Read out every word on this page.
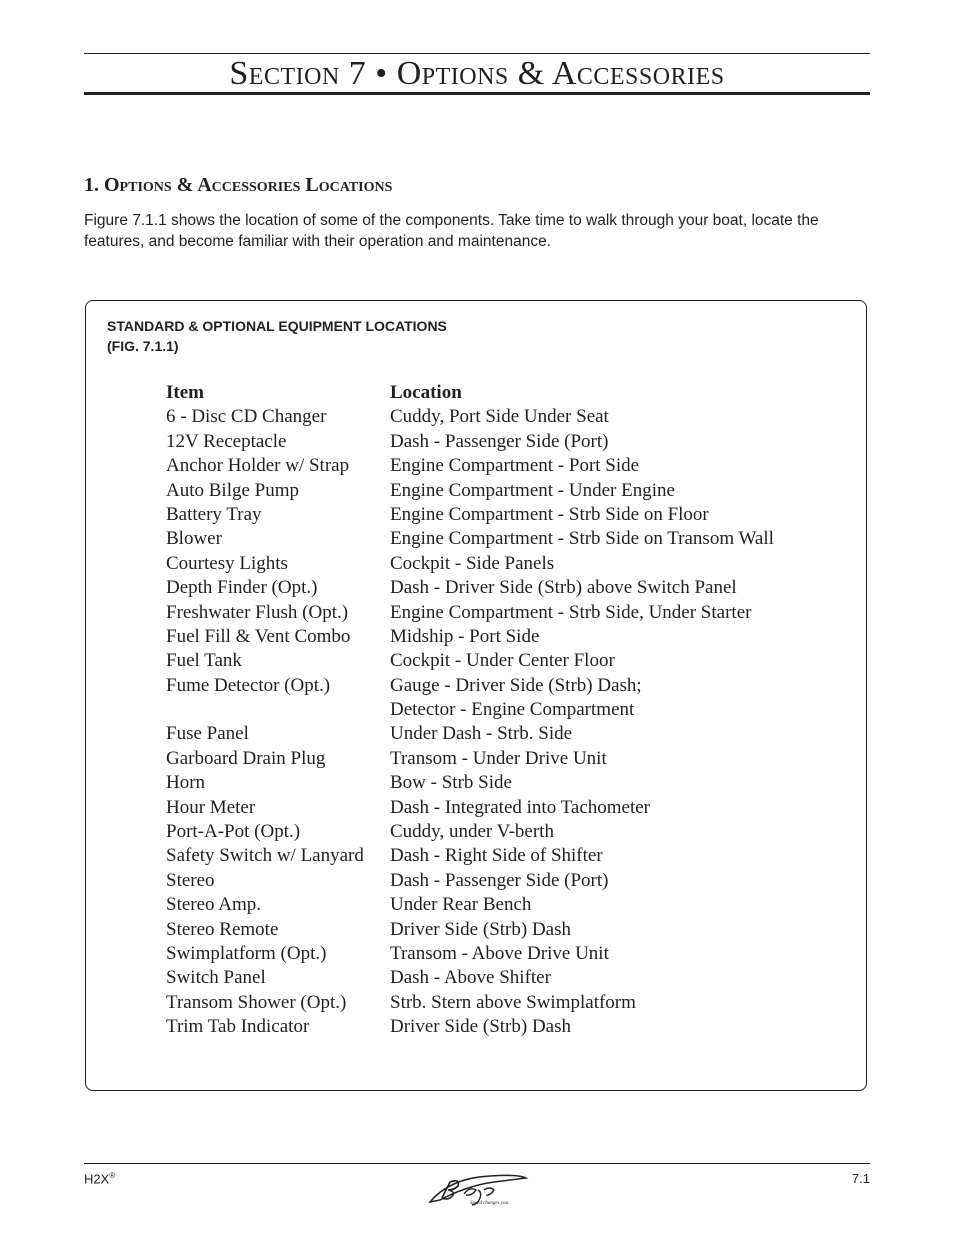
Section 7 • Options & Accessories
1. Options & Accessories Locations
Figure 7.1.1 shows the location of some of the components. Take time to walk through your boat, locate the features, and become familiar with their operation and maintenance.
STANDARD & OPTIONAL EQUIPMENT LOCATIONS
(FIG. 7.1.1)
Item	Location
6 - Disc CD Changer	Cuddy, Port Side Under Seat
12V Receptacle	Dash - Passenger Side (Port)
Anchor Holder w/ Strap	Engine Compartment - Port Side
Auto Bilge Pump	Engine Compartment - Under Engine
Battery Tray	Engine Compartment - Strb Side on Floor
Blower	Engine Compartment - Strb Side on Transom Wall
Courtesy Lights	Cockpit - Side Panels
Depth Finder (Opt.)	Dash - Driver Side (Strb) above Switch Panel
Freshwater Flush (Opt.)	Engine Compartment - Strb Side, Under Starter
Fuel Fill & Vent Combo	Midship - Port Side
Fuel Tank	Cockpit - Under Center Floor
Fume Detector (Opt.)	Gauge - Driver Side (Strb) Dash;
Detector - Engine Compartment
Fuse Panel	Under Dash - Strb. Side
Garboard Drain Plug	Transom - Under Drive Unit
Horn	Bow - Strb Side
Hour Meter	Dash - Integrated into Tachometer
Port-A-Pot (Opt.)	Cuddy, under V-berth
Safety Switch w/ Lanyard	Dash - Right Side of Shifter
Stereo	Dash - Passenger Side (Port)
Stereo Amp.	Under Rear Bench
Stereo Remote	Driver Side (Strb) Dash
Swimplatform (Opt.)	Transom - Above Drive Unit
Switch Panel	Dash - Above Shifter
Transom Shower (Opt.)	Strb. Stern above Swimplatform
Trim Tab Indicator	Driver Side (Strb) Dash
H2X®
Speed changes you.
7.1
